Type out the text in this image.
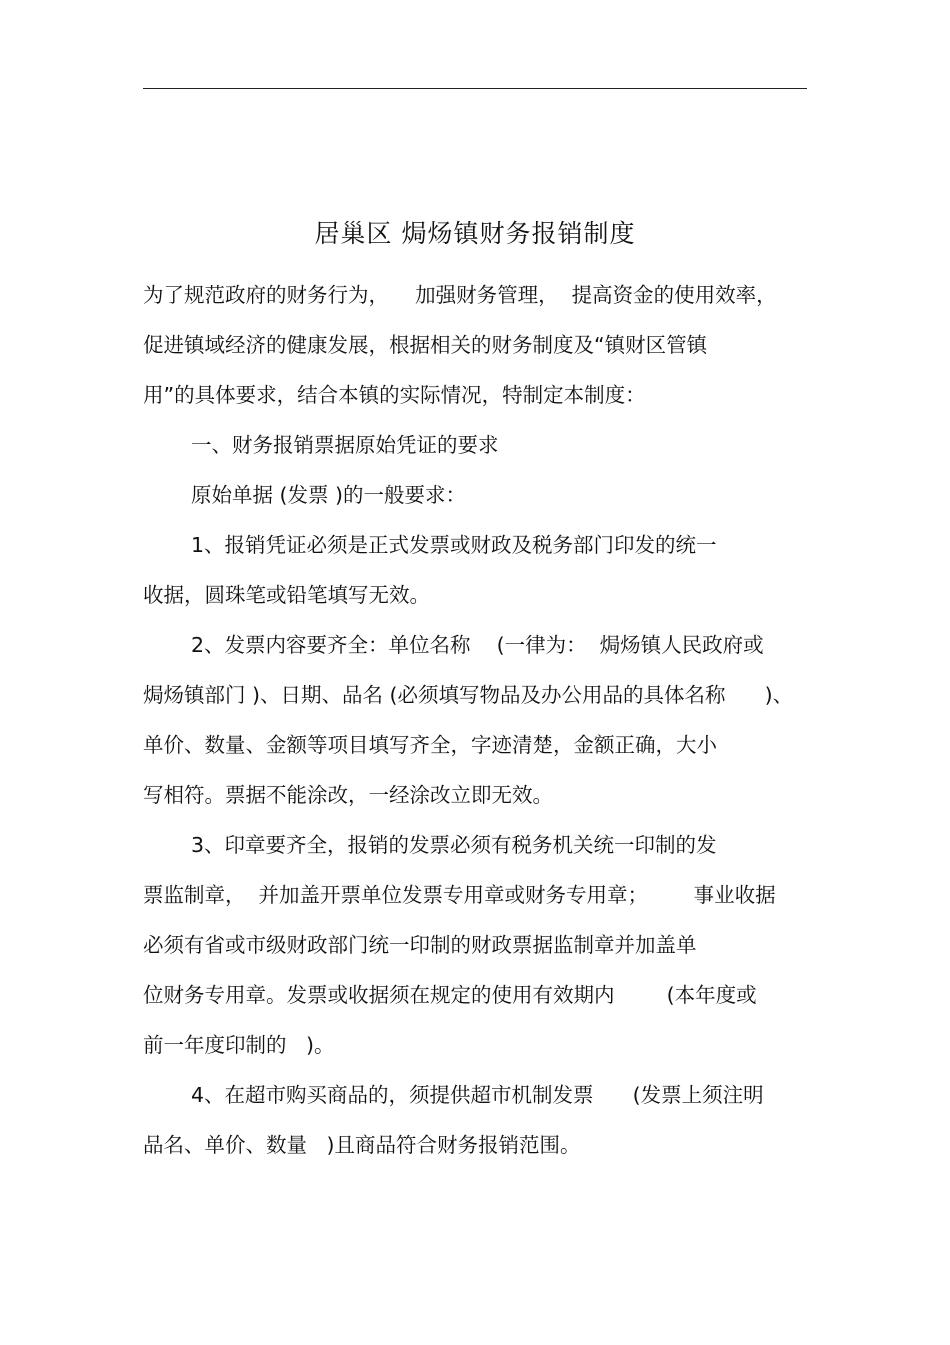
居巢区 焗炀镇财务报销制度
为了规范政府的财务行为，    加强财务管理，  提高资金的使用效率，
促进镇域经济的健康发展，根据相关的财务制度及“镇财区管镇
用”的具体要求，结合本镇的实际情况，特制定本制度：
一、财务报销票据原始凭证的要求
原始单据 (发票 )的一般要求：
1、报销凭证必须是正式发票或财政及税务部门印发的统一
收据，圆珠笔或铅笔填写无效。
2、发票内容要齐全：单位名称    (一律为：  焗炀镇人民政府或
焗炀镇部门 )、日期、品名 (必须填写物品及办公用品的具体名称      )、
单价、数量、金额等项目填写齐全，字迹清楚，金额正确，大小
写相符。票据不能涂改，一经涂改立即无效。
3、印章要齐全，报销的发票必须有税务机关统一印制的发
票监制章，  并加盖开票单位发票专用章或财务专用章；       事业收据
必须有省或市级财政部门统一印制的财政票据监制章并加盖单
位财务专用章。发票或收据须在规定的使用有效期内        (本年度或
前一年度印制的   )。
4、在超市购买商品的，须提供超市机制发票      (发票上须注明
品名、单价、数量   )且商品符合财务报销范围。
